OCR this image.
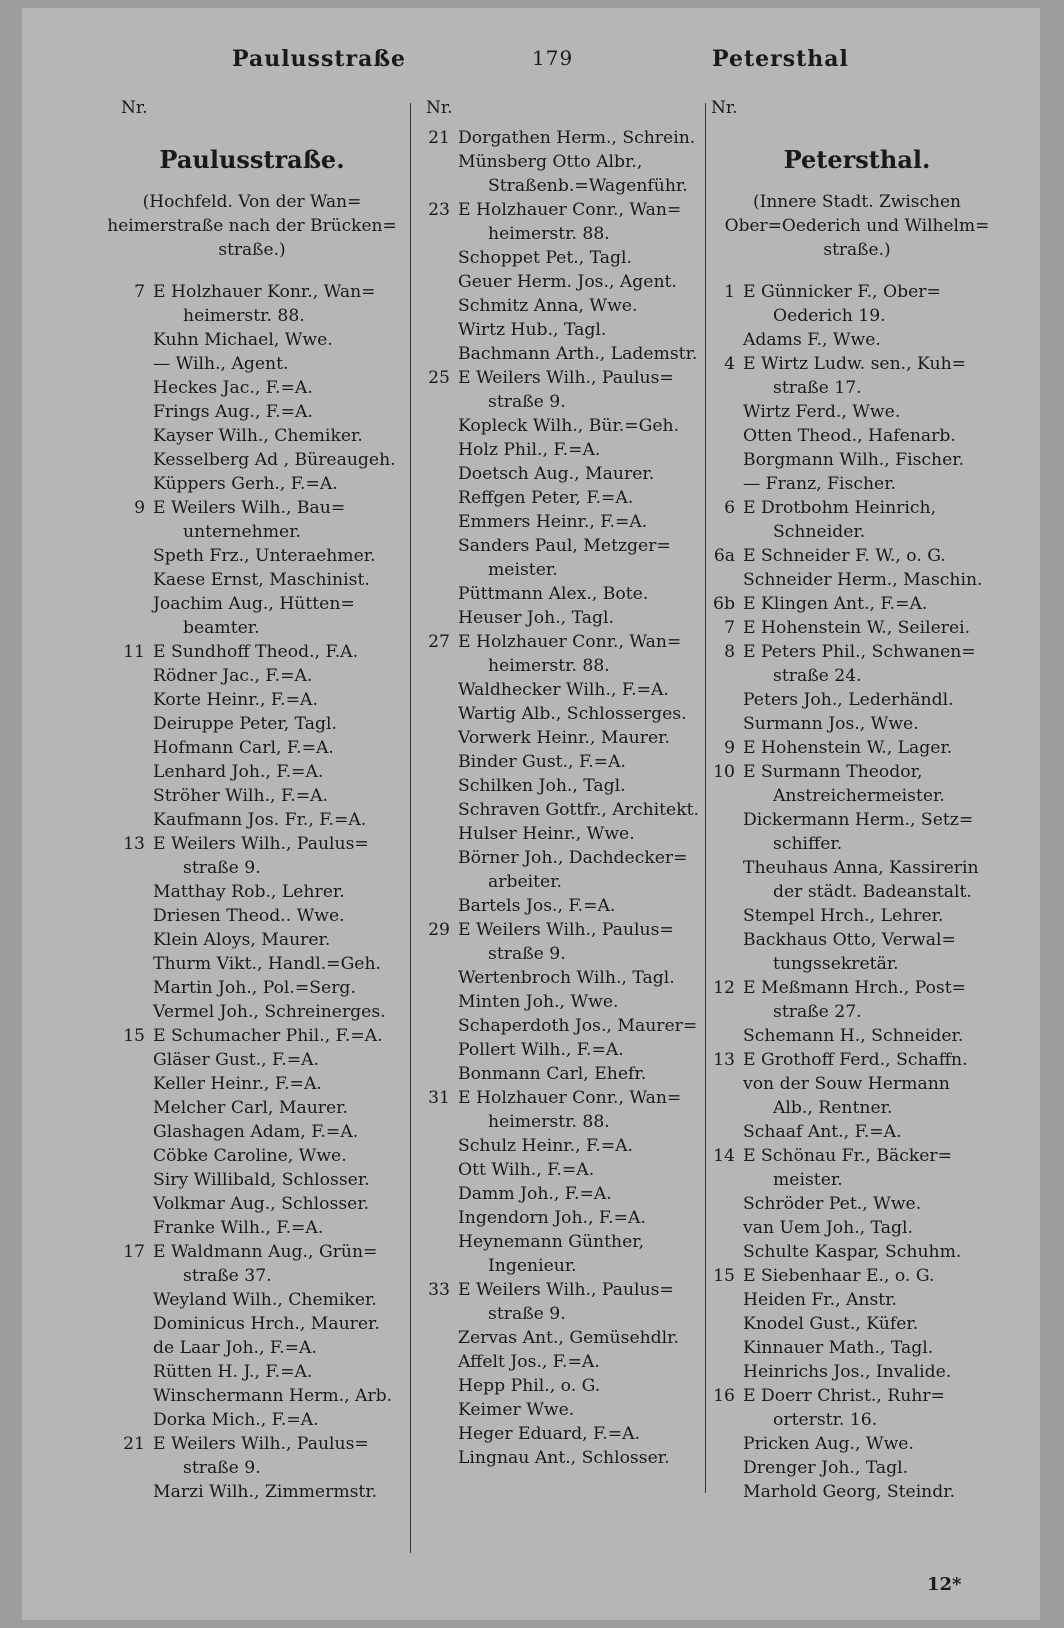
Paulusstraße	179	Petersthal
Nr.
Paulusstraße.
(Hochfeld. Von der Wan=
heimerstraße nach der Brücken=
straße.)
7 E Holzhauer Konr., Wan=
heimerstr. 88.
Kuhn Michael, Wwe.
— Wilh., Agent.
Heckes Jac., F.=A.
Frings Aug., F.=A.
Kayser Wilh., Chemiker.
Kesselberg Ad , Büreaugeh.
Küppers Gerh., F.=A.
9 E Weilers Wilh., Bau=
unternehmer.
Speth Frz., Unteraehmer.
Kaese Ernst, Maschinist.
Joachim Aug., Hütten=
beamter.
11 E Sundhoff Theod., F.A.
Rödner Jac., F.=A.
Korte Heinr., F.=A.
Deiruppe Peter, Tagl.
Hofmann Carl, F.=A.
Lenhard Joh., F.=A.
Ströher Wilh., F.=A.
Kaufmann Jos. Fr., F.=A.
13 E Weilers Wilh., Paulus=
straße 9.
Matthay Rob., Lehrer.
Driesen Theod.. Wwe.
Klein Aloys, Maurer.
Thurm Vikt., Handl.=Geh.
Martin Joh., Pol.=Serg.
Vermel Joh., Schreinerges.
15 E Schumacher Phil., F.=A.
Gläser Gust., F.=A.
Keller Heinr., F.=A.
Melcher Carl, Maurer.
Glashagen Adam, F.=A.
Cöbke Caroline, Wwe.
Siry Willibald, Schlosser.
Volkmar Aug., Schlosser.
Franke Wilh., F.=A.
17 E Waldmann Aug., Grün=
straße 37.
Weyland Wilh., Chemiker.
Dominicus Hrch., Maurer.
de Laar Joh., F.=A.
Rütten H. J., F.=A.
Winschermann Herm., Arb.
Dorka Mich., F.=A.
21 E Weilers Wilh., Paulus=
straße 9.
Marzi Wilh., Zimmermstr.
Nr.
21 Dorgathen Herm., Schrein.
Münsberg Otto Albr.,
Straßenb.=Wagenführ.
23 E Holzhauer Conr., Wan=
heimerstr. 88.
Schoppet Pet., Tagl.
Geuer Herm. Jos., Agent.
Schmitz Anna, Wwe.
Wirtz Hub., Tagl.
Bachmann Arth., Lademstr.
25 E Weilers Wilh., Paulus=
straße 9.
Kopleck Wilh., Bür.=Geh.
Holz Phil., F.=A.
Doetsch Aug., Maurer.
Reffgen Peter, F.=A.
Emmers Heinr., F.=A.
Sanders Paul, Metzger=
meister.
Püttmann Alex., Bote.
Heuser Joh., Tagl.
27 E Holzhauer Conr., Wan=
heimerstr. 88.
Waldhecker Wilh., F.=A.
Wartig Alb., Schlosserges.
Vorwerk Heinr., Maurer.
Binder Gust., F.=A.
Schilken Joh., Tagl.
Schraven Gottfr., Architekt.
Hulser Heinr., Wwe.
Börner Joh., Dachdecker=
arbeiter.
Bartels Jos., F.=A.
29 E Weilers Wilh., Paulus=
straße 9.
Wertenbroch Wilh., Tagl.
Minten Joh., Wwe.
Schaperdoth Jos., Maurer=
Pollert Wilh., F.=A.
Bonmann Carl, Ehefr.
31 E Holzhauer Conr., Wan=
heimerstr. 88.
Schulz Heinr., F.=A.
Ott Wilh., F.=A.
Damm Joh., F.=A.
Ingendorn Joh., F.=A.
Heynemann Günther,
Ingenieur.
33 E Weilers Wilh., Paulus=
straße 9.
Zervas Ant., Gemüsehdlr.
Affelt Jos., F.=A.
Hepp Phil., o. G.
Keimer Wwe.
Heger Eduard, F.=A.
Lingnau Ant., Schlosser.
Nr.
Petersthal.
(Innere Stadt. Zwischen
Ober=Oederich und Wilhelm=
straße.)
1 E Günnicker F., Ober=
Oederich 19.
Adams F., Wwe.
4 E Wirtz Ludw. sen., Kuh=
straße 17.
Wirtz Ferd., Wwe.
Otten Theod., Hafenarb.
Borgmann Wilh., Fischer.
— Franz, Fischer.
6 E Drotbohm Heinrich,
Schneider.
6a E Schneider F. W., o. G.
Schneider Herm., Maschin.
6b E Klingen Ant., F.=A.
7 E Hohenstein W., Seilerei.
8 E Peters Phil., Schwanen=
straße 24.
Peters Joh., Lederhändl.
Surmann Jos., Wwe.
9 E Hohenstein W., Lager.
10 E Surmann Theodor,
Anstreichermeister.
Dickermann Herm., Setz=
schiffer.
Theuhaus Anna, Kassirerin
der städt. Badeanstalt.
Stempel Hrch., Lehrer.
Backhaus Otto, Verwal=
tungssekretär.
12 E Meßmann Hrch., Post=
straße 27.
Schemann H., Schneider.
13 E Grothoff Ferd., Schaffn.
von der Souw Hermann
Alb., Rentner.
Schaaf Ant., F.=A.
14 E Schönau Fr., Bäcker=
meister.
Schröder Pet., Wwe.
van Uem Joh., Tagl.
Schulte Kaspar, Schuhm.
15 E Siebenhaar E., o. G.
Heiden Fr., Anstr.
Knodel Gust., Küfer.
Kinnauer Math., Tagl.
Heinrichs Jos., Invalide.
16 E Doerr Christ., Ruhr=
orterstr. 16.
Pricken Aug., Wwe.
Drenger Joh., Tagl.
Marhold Georg, Steindr.
12*
